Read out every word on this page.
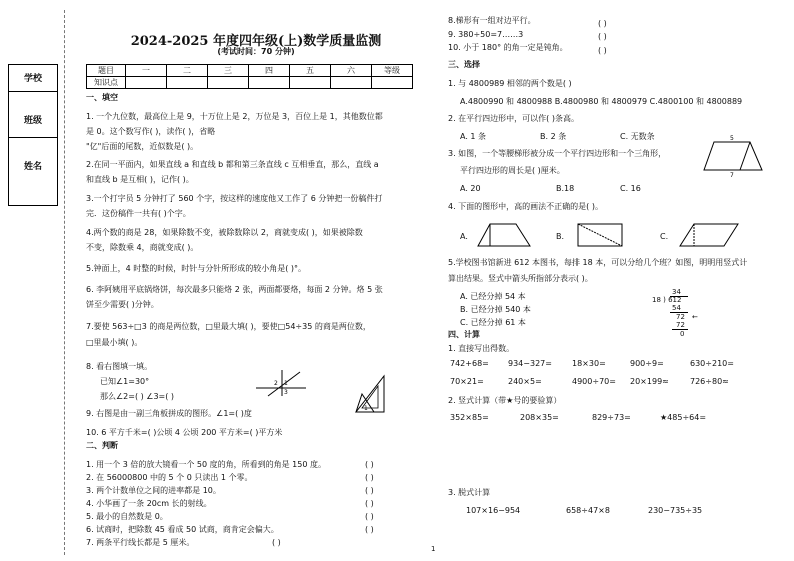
学校
班级
姓名
2024-2025 年度四年级(上)数学质量监测
(考试时间：70 分钟)
题目	一	二	三	四	五	六	等级
知识点							
一、填空
1. 一个九位数，最高位上是 9，十万位上是 2，万位是 3，百位上是 1，其他数位都
是 0。这个数写作( )，读作( )，省略
"亿"后面的尾数，近似数是( )。
2.在同一平面内，如果直线 a 和直线 b 都和第三条直线 c 互相垂直，那么，直线 a
和直线 b 是互相( )，记作( )。
3.一个打字员 5 分钟打了 560 个字，按这样的速度他又工作了 6 分钟把一份稿件打
完．这份稿件一共有( )个字。
4.两个数的商是 28，如果除数不变，被除数除以 2，商就变成( )，如果被除数
不变，除数乘 4，商就变成( )。
5.钟面上，4 时整的时候，时针与分针所形成的较小角是( )°。
6. 李阿姨用平底锅烙饼，每次最多只能烙 2 张，两面都要烙，每面 2 分钟。烙 5 张
饼至少需要( )分钟。
7.要使 563÷□3 的商是两位数，□里最大填( )，要使□54÷35 的商是两位数，
□里最小填( )。
8. 看右图填一填。
已知∠1=30°
那么∠2=( ) ∠3=( )
9. 右图是由一副三角板拼成的图形。∠1=( )度
10. 6 平方千米=( )公顷 4 公顷 200 平方米=( )平方米
1
2
3
1
二、判断
1. 用一个 3 倍的放大镜看一个 50 度的角，所看到的角是 150 度。	( )
2. 在 56000800 中的 5 个 0 只读出 1 个零。	( )
3. 两个计数单位之间的进率都是 10。	( )
4. 小华画了一条 20cm 长的射线。	( )
5. 最小的自然数是 0。	( )
6. 试商时，把除数 45 看成 50 试商，商肯定会偏大。	( )
7. 两条平行线长都是 5 厘米。	( )
1
8.梯形有一组对边平行。	( )
9. 380÷50=7……3	( )
10. 小于 180° 的角一定是钝角。	( )
三、选择
1. 与 4800989 相邻的两个数是( )
A.4800990 和 4800988 B.4800980 和 4800979 C.4800100 和 4800889
2. 在平行四边形中，可以作( )条高。
A. 1 条	B. 2 条	C. 无数条
3. 如图，一个等腰梯形被分成一个平行四边形和一个三角形，
平行四边形的周长是( )厘米。
A. 20	B.18	C. 16
5
7
4. 下面的图形中，高的画法不正确的是( )。
A.	B.	C.
5.学校图书馆新进 612 本图书，每排 18 本，可以分给几个班？如图，明明用竖式计
算出结果。竖式中箭头所指部分表示( )。
A. 已经分掉 54 本
B. 已经分掉 540 本
C. 已经分掉 61 本
34
18 ) 612
54
72 ←
72
0
四、计算
1. 直接写出得数。
742+68= 934−327=	18×30=	900÷9=	630÷210=
70×21=	240×5=	4900÷70= 20×199≈	726÷80≈
2. 竖式计算（带★号的要验算）
352×85=	208×35=	829÷73=	★485÷64=
3. 脱式计算
107×16−954	658÷47×8	230−735÷35
